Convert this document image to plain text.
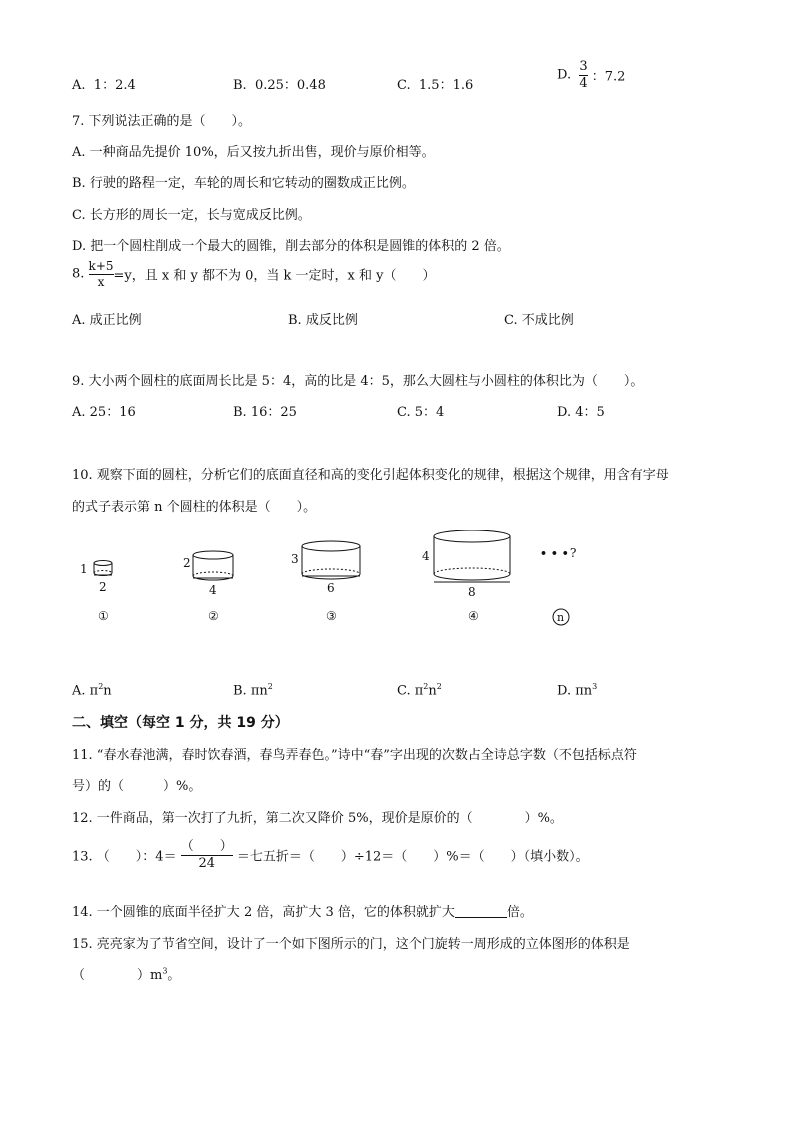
A. 1：2.4	B. 0.25：0.48	C. 1.5：1.6
D. $\frac{3}{4}$ ：7.2
7. 下列说法正确的是（　　）。
A. 一种商品先提价 10%，后又按九折出售，现价与原价相等。
B. 行驶的路程一定，车轮的周长和它转动的圈数成正比例。
C. 长方形的周长一定，长与宽成反比例。
D. 把一个圆柱削成一个最大的圆锥，削去部分的体积是圆锥的体积的 2 倍。
8. $\frac{k+5}{x} =y$，且 x 和 y 都不为 0，当 k 一定时，x 和 y（　　）
A. 成正比例	B. 成反比例	C. 不成比例
9. 大小两个圆柱的底面周长比是 5：4，高的比是 4：5，那么大圆柱与小圆柱的体积比为（　　）。
A. 25：16	B. 16：25	C. 5：4	D. 4：5
10. 观察下面的圆柱，分析它们的底面直径和高的变化引起体积变化的规律，根据这个规律，用含有字母
的式子表示第 n 个圆柱的体积是（　　）。
1
2
①
2
4
②
3
6
③
4
8
④
• • • ?
n
A. $\pi^2n$	B. $\pi n^2$	C. $\pi^2n^2$	D. $\pi n^3$
二、填空（每空 1 分，共 19 分）
11. “春水春池满，春时饮春酒，春鸟弄春色。”诗中“春”字出现的次数占全诗总字数（不包括标点符
号）的（　　　）%。
12. 一件商品，第一次打了九折，第二次又降价 5%，现价是原价的（　　　　）%。
13. （　　）：$4= \frac{( )}{24}$ ＝七五折＝（　　）÷12＝（　　）%＝（　　）（填小数）。
14. 一个圆锥的底面半径扩大 2 倍，高扩大 3 倍，它的体积就扩大	倍。
15. 亮亮家为了节省空间，设计了一个如下图所示的门，这个门旋转一周形成的立体图形的体积是
（　　　　）$m^3$。
